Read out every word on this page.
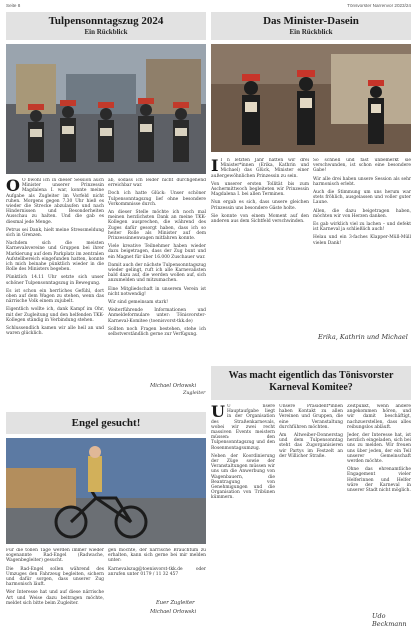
Seite 8	Tönsvorster Narrenvor 2023/24
Tulpensonntagszug 2024
Ein Rückblick

O O bwohl ich in dieser Session auch Minister unserer Prinzessin Magdalena I. war, konnte meine Aufgabe als Zugleiter im Vorfeld nicht ruhen. Morgens gegen 7.30 Uhr hieß es wieder die Strecke abzulaufen und nach Hindernissen und Besonderheiten Ausschau zu halten. Und die gab es diesmal jede Menge.

Petrus sei Dank, hielt meine Stressmeldung sich in Grenzen.

Nachdem sich die meisten Karnevalsvereine und Gruppen bei ihrer Markierung auf dem Parkplatz im zentralen Aufstellbereich eingefunden hatten, konnte ich mich beinahe pünktlich wieder in die Rolle des Ministers begeben.

Pünktlich 14.11 Uhr setzte sich unser schöner Tulpensonntagszug in Bewegung.

Es ist schon ein herrliches Gefühl, dort oben auf dem Wagen zu stehen, wenn das närrische Volk einem zujubelt.

Eigentlich wollte ich, dank Kampf im Ohr, mit der Zugleitung und den helfenden TKK-Kollegen ständig in Verbindung stehen.

Schlussendlich kamen wir alle heil an und waren glücklich.

ab, sodass ich leider nicht durchgehend erreichbar war.

Doch ich hatte Glück: Unser schöner Tulpensonntagszug lief ohne besondere Vorkommnisse durch.

An dieser Stelle möchte ich noch mal meinen herzlichsten Dank an meine TKK-Kollegen ausprechen, die während des Zuges dafür gesorgt haben, dass ich so heiter Rolle als Minister auf dem Prinzessinnenwagen mitfahren konnte.

Viele kreative Teilnehmer haben wieder dazu beigetragen, dass der Zug bunt und ein Magnet für über 16.000 Zuschauer war.

Damit auch der nächste Tulpensonntagszug wieder gelingt, ruft ich alle Karnevalisten bald dazu auf, die werden wollen auf, sich anzumelden und mitzumachen.

Eine Mitgliedschaft in unserem Verein ist nicht notwendig!

Wir sind gemeinsam stark!

Weiterführende Informationen und Anmeldeformulare unter: Tönisvorster-Karneval-Komitee (toenisvorst-tkk.de)

Sollten noch Fragen bestehen, stehe ich selbstverständlich gerne zur Verfügung.

Michael Orlowski
Zugleiter
Das Minister-Dasein
Ein Rückblick

I I n letzten Jahr hatten wir drei Minister*innen (Erika, Kathrin und Michael) das Glück, Minister einer außergewöhnlichen Prinzessin zu sein.

Von unserer ersten Tollität bis zum Aschermittwoch begleiteten wir Prinzessin Magdalena I. bei allen Terminen.

Nun ergab es sich, dass unsere gleichen Prinzessin uns besondere Gäste holte.

Sie konnte von einem Moment auf den anderen aus dem Sichtfeld verschwinden.

So schnell und fast unbemerkt sie verschwunden, ist schon eine besondere Gabe!

Wir alle drei haben unsere Session als sehr harmonisch erlebt.

Auch die Stimmung um uns herum war stets fröhlich, ausgelassen und voller guter Laune.

Allen, die dazu beigetragen haben, möchten wir von Herzen danken.

Es gab wirklich viel zu lachen – und defekt ist Karneval ja schließlich auch!

Helau und ein 3-faches Klapper-Müll-Müll vielen Dank!

Erika, Kathrin und Michael
Engel gesucht!

Für die tollen Tage werden immer wieder sogenannte Rad-Engel (Radwache, Wagenbegleiter) gesucht.

Die Rad-Engel sollen während des Umzuges den Fahrzeug begleiten, sichern und dafür sorgen, dass unserer Zug harmonisch läuft.

Wer Interesse hat und auf diese närrische Art und Weise dazu beitragen möchte, meldet sich bitte beim Zugleiter.

gen möchte, der närrische Brauchtum zu erhalten, kann sich gerne bei mir melden unter:

Karnevalszug@toenisvorst-tkk.de oder anrufen unter 0179 / 11 32 457

Euer Zugleiter
Michael Orlowski
Was macht eigentlich das Tönisvorster Karneval Komitee?

U U nsere Hauptaufgabe liegt in der Organisation des Straßenkarnevals, wobei wir zwei recht massiven Events meistern müssen: den Tulpensonntagszug und den Rosenmontagsumzug.

Neben der Koordinierung der Züge sowie der Veranstaltungen müssen wir uns um die Anwerbung von Wagenbauern, die Beantragung von Genehmigungen und die Organisation von Tribünen kümmern.

Unsere Präsident*innen haben Kontakt zu allen Vereinen und Gruppen, die eine Veranstaltung durchführen möchten.

Am Altweiber-Donnerstag und dem Tulpensonntag steht das Zugorganisieren wir Partys im Festzelt an der Willicher Straße.

Zeitpunkt, wenn andere angekommen hören, und wir damit beschäftigt, nachzuerstellen, dass alles reibungslos abläuft.

Jeder, der Interesse hat, ist herzlich eingeladen, sich bei uns zu melden. Wir freuen uns über jeden, der ein Teil unserer Gemeinschaft werden möchte.

Ohne das ehrenamtliche Engagement vieler Helferinnen und Helfer wäre der Karneval in unserer Stadt nicht möglich.

Udo Beckmann
